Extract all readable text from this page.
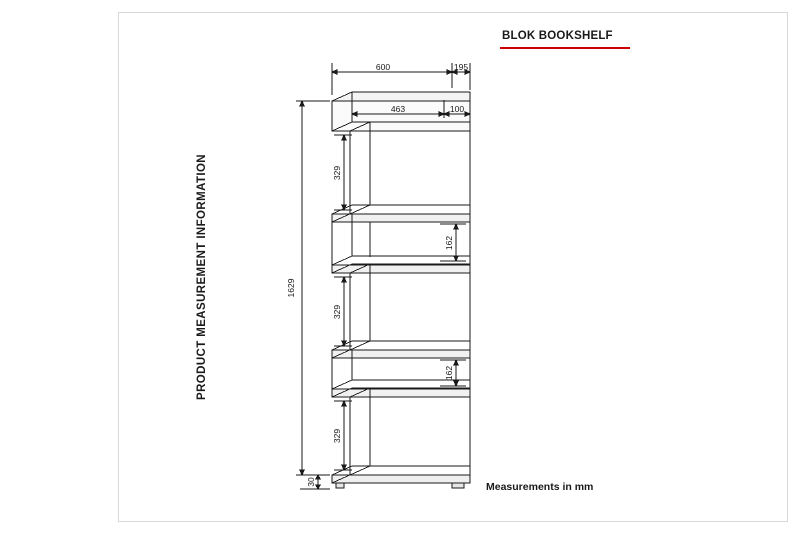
BLOK BOOKSHELF
PRODUCT MEASUREMENT INFORMATION
Measurements in mm
600	195
463	100
1629
329
162
329
162
329
30
